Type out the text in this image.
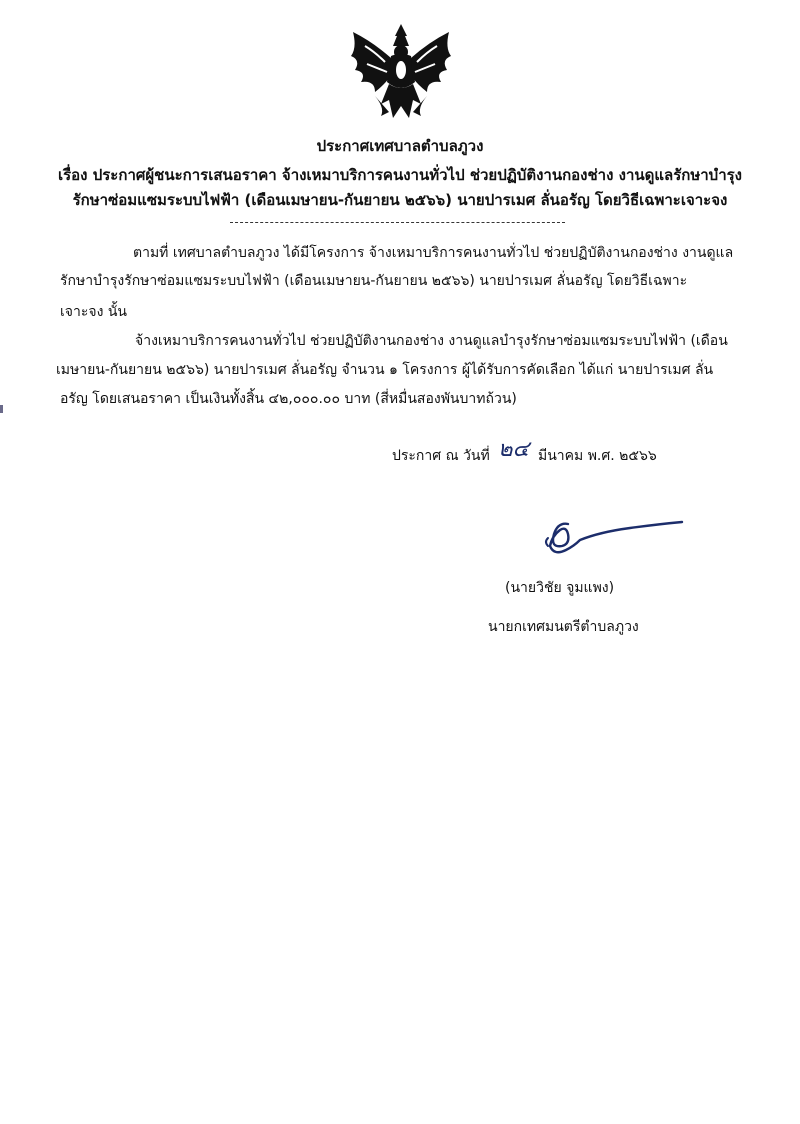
ประกาศเทศบาลตำบลภูวง
เรื่อง ประกาศผู้ชนะการเสนอราคา จ้างเหมาบริการคนงานทั่วไป ช่วยปฏิบัติงานกองช่าง งานดูแลรักษาบำรุง
รักษาซ่อมแซมระบบไฟฟ้า (เดือนเมษายน-กันยายน ๒๕๖๖) นายปารเมศ ลั่นอรัญ โดยวิธีเฉพาะเจาะจง
ตามที่ เทศบาลตำบลภูวง ได้มีโครงการ จ้างเหมาบริการคนงานทั่วไป ช่วยปฏิบัติงานกองช่าง งานดูแล
รักษาบำรุงรักษาซ่อมแซมระบบไฟฟ้า (เดือนเมษายน-กันยายน ๒๕๖๖) นายปารเมศ ลั่นอรัญ โดยวิธีเฉพาะ
เจาะจง นั้น
จ้างเหมาบริการคนงานทั่วไป ช่วยปฏิบัติงานกองช่าง งานดูแลบำรุงรักษาซ่อมแซมระบบไฟฟ้า (เดือน
เมษายน-กันยายน ๒๕๖๖) นายปารเมศ ลั่นอรัญ จำนวน ๑ โครงการ ผู้ได้รับการคัดเลือก ได้แก่ นายปารเมศ ลั่น
อรัญ โดยเสนอราคา เป็นเงินทั้งสิ้น ๔๒,๐๐๐.๐๐ บาท (สี่หมื่นสองพันบาทถ้วน)
ประกาศ ณ วันที่ ๒๔ มีนาคม พ.ศ. ๒๕๖๖
(นายวิชัย จูมแพง)
นายกเทศมนตรีตำบลภูวง
